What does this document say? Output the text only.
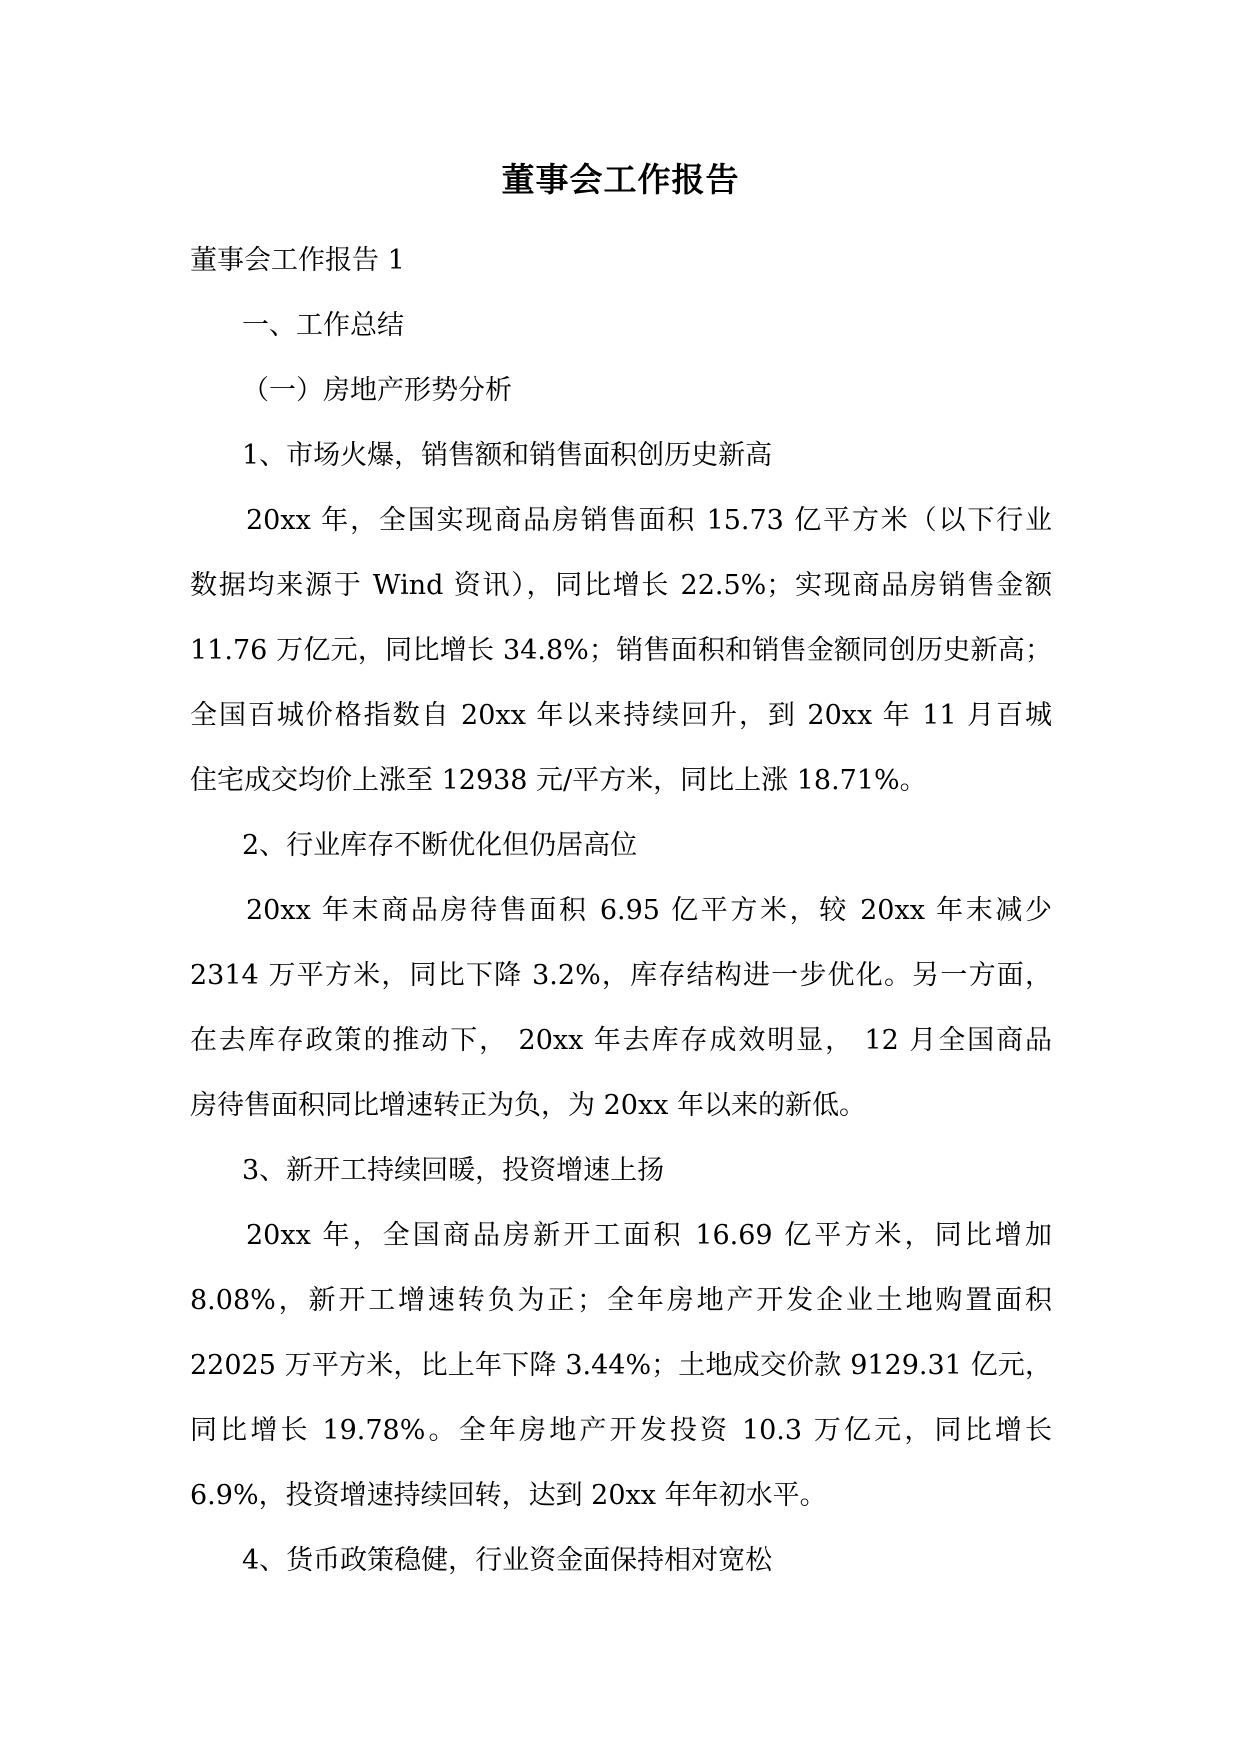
董事会工作报告

董事会工作报告 1

一、工作总结

（一）房地产形势分析

1、市场火爆，销售额和销售面积创历史新高

20xx 年，全国实现商品房销售面积 15.73 亿平方米（以下行业

数据均来源于 Wind 资讯），同比增长 22.5%；实现商品房销售金额

11.76 万亿元，同比增长 34.8%；销售面积和销售金额同创历史新高；

全国百城价格指数自 20xx 年以来持续回升，到 20xx 年 11 月百城

住宅成交均价上涨至 12938 元/平方米，同比上涨 18.71%。

2、行业库存不断优化但仍居高位

20xx 年末商品房待售面积 6.95 亿平方米，较 20xx 年末减少

2314 万平方米，同比下降 3.2%，库存结构进一步优化。另一方面，

在去库存政策的推动下， 20xx 年去库存成效明显， 12 月全国商品

房待售面积同比增速转正为负，为 20xx 年以来的新低。

3、新开工持续回暖，投资增速上扬

20xx 年，全国商品房新开工面积 16.69 亿平方米，同比增加

8.08%，新开工增速转负为正；全年房地产开发企业土地购置面积

22025 万平方米，比上年下降 3.44%；土地成交价款 9129.31 亿元，

同比增长 19.78%。全年房地产开发投资 10.3 万亿元，同比增长

6.9%，投资增速持续回转，达到 20xx 年年初水平。

4、货币政策稳健，行业资金面保持相对宽松
